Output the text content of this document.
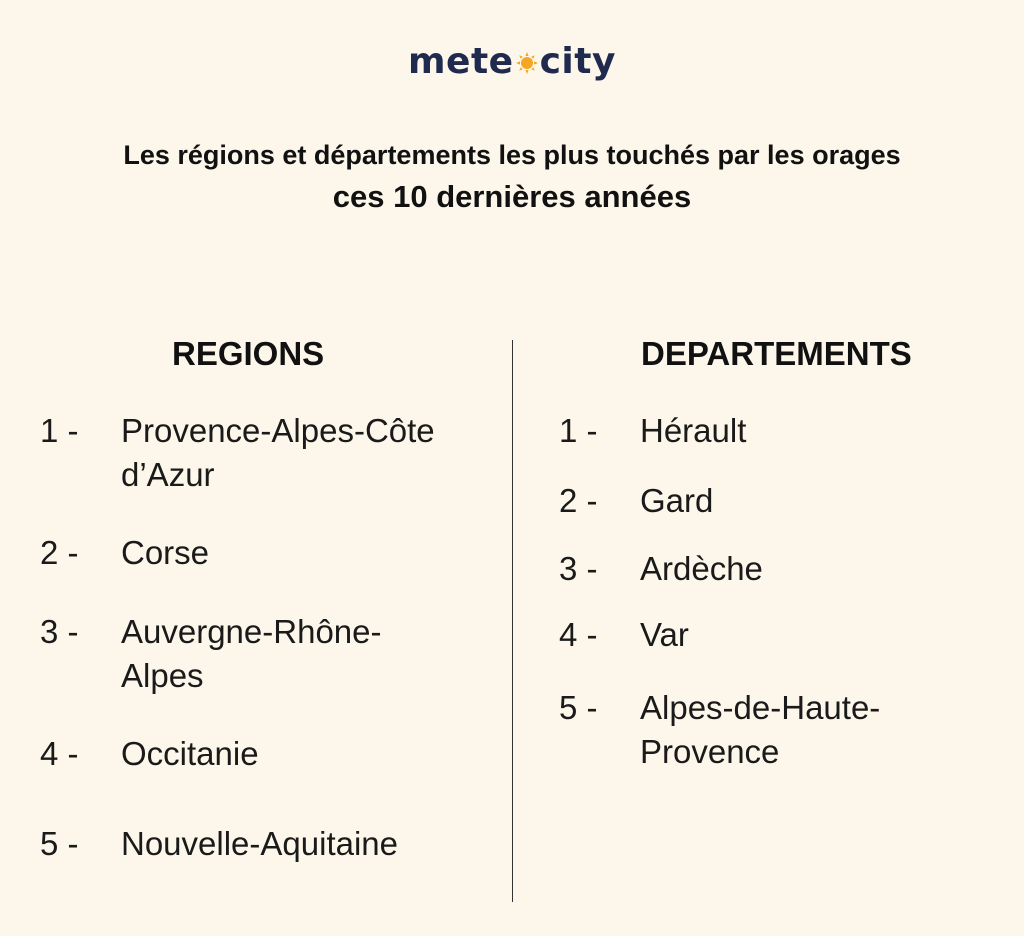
mete city
Les régions et départements les plus touchés par les orages
ces 10 dernières années
REGIONS	DEPARTEMENTS
1 - Provence-Alpes-Côte d’Azur
2 - Corse
3 - Auvergne-Rhône-Alpes
4 - Occitanie
5 - Nouvelle-Aquitaine
1 - Hérault
2 - Gard
3 - Ardèche
4 - Var
5 - Alpes-de-Haute-Provence
